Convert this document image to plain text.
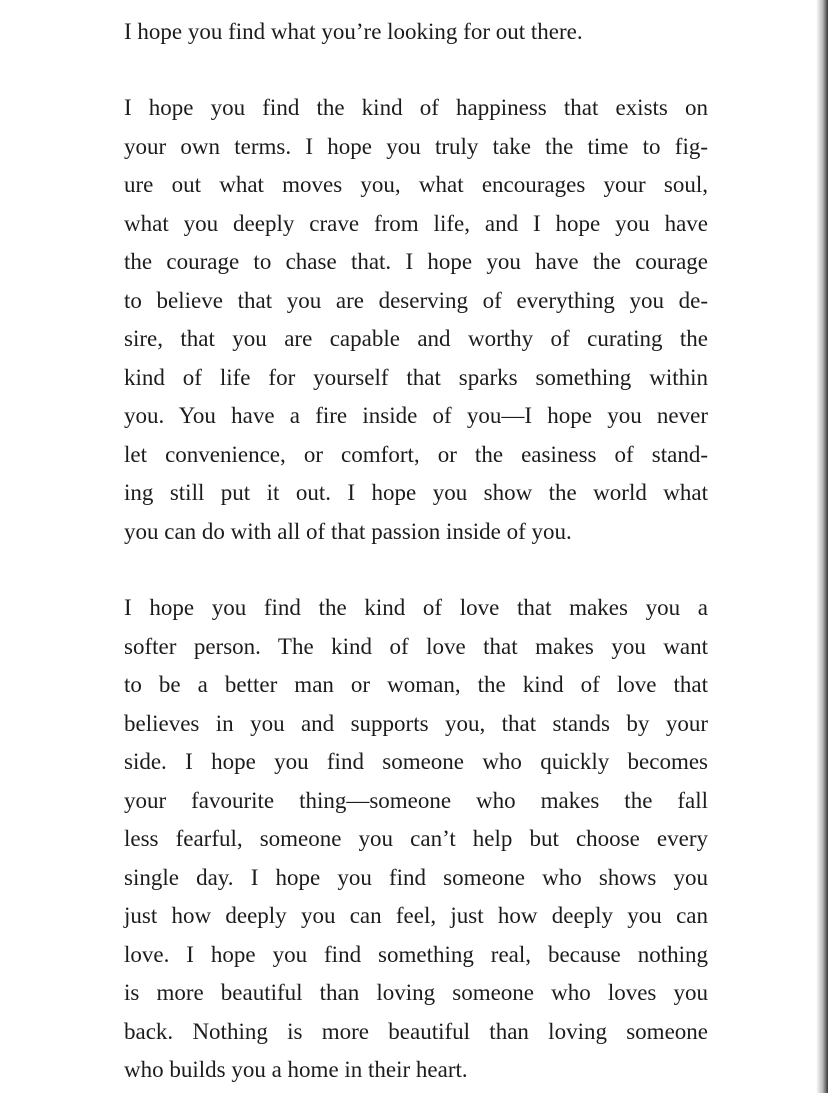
I hope you find what you’re looking for out there.

I hope you find the kind of happiness that exists on

your own terms. I hope you truly take the time to fig-

ure out what moves you, what encourages your soul,

what you deeply crave from life, and I hope you have

the courage to chase that. I hope you have the courage

to believe that you are deserving of everything you de-

sire, that you are capable and worthy of curating the

kind of life for yourself that sparks something within

you. You have a fire inside of you—I hope you never

let convenience, or comfort, or the easiness of stand-

ing still put it out. I hope you show the world what

you can do with all of that passion inside of you.

I hope you find the kind of love that makes you a

softer person. The kind of love that makes you want

to be a better man or woman, the kind of love that

believes in you and supports you, that stands by your

side. I hope you find someone who quickly becomes

your favourite thing—someone who makes the fall

less fearful, someone you can’t help but choose every

single day. I hope you find someone who shows you

just how deeply you can feel, just how deeply you can

love. I hope you find something real, because nothing

is more beautiful than loving someone who loves you

back. Nothing is more beautiful than loving someone

who builds you a home in their heart.
